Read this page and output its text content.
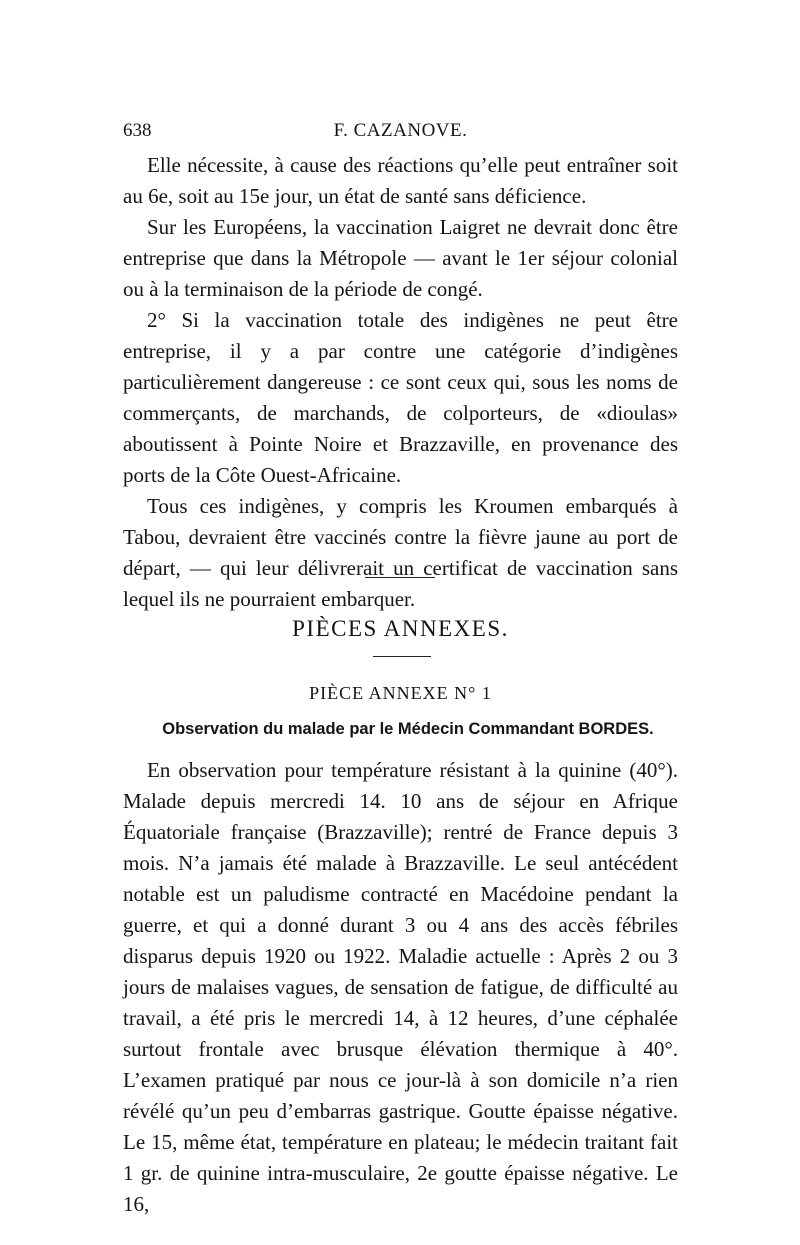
638	F. CAZANOVE.

Elle nécessite, à cause des réactions qu’elle peut entraîner soit au 6e, soit au 15e jour, un état de santé sans déficience.

Sur les Européens, la vaccination Laigret ne devrait donc être entreprise que dans la Métropole — avant le 1er séjour colonial ou à la terminaison de la période de congé.

2° Si la vaccination totale des indigènes ne peut être entreprise, il y a par contre une catégorie d’indigènes particulièrement dangereuse : ce sont ceux qui, sous les noms de commerçants, de marchands, de colporteurs, de «dioulas» aboutissent à Pointe Noire et Brazzaville, en provenance des ports de la Côte Ouest-Africaine.

Tous ces indigènes, y compris les Kroumen embarqués à Tabou, devraient être vaccinés contre la fièvre jaune au port de départ, — qui leur délivrerait un certificat de vaccination sans lequel ils ne pourraient embarquer.

PIÈCES ANNEXES.
PIÈCE ANNEXE N° 1
Observation du malade par le Médecin Commandant BORDES.

En observation pour température résistant à la quinine (40°). Malade depuis mercredi 14. 10 ans de séjour en Afrique Équatoriale française (Brazzaville); rentré de France depuis 3 mois. N’a jamais été malade à Brazzaville. Le seul antécédent notable est un paludisme contracté en Macédoine pendant la guerre, et qui a donné durant 3 ou 4 ans des accès fébriles disparus depuis 1920 ou 1922. Maladie actuelle : Après 2 ou 3 jours de malaises vagues, de sensation de fatigue, de difficulté au travail, a été pris le mercredi 14, à 12 heures, d’une céphalée surtout frontale avec brusque élévation thermique à 40°. L’examen pratiqué par nous ce jour-là à son domicile n’a rien révélé qu’un peu d’embarras gastrique. Goutte épaisse négative. Le 15, même état, température en plateau; le médecin traitant fait 1 gr. de quinine intra-musculaire, 2e goutte épaisse négative. Le 16,
